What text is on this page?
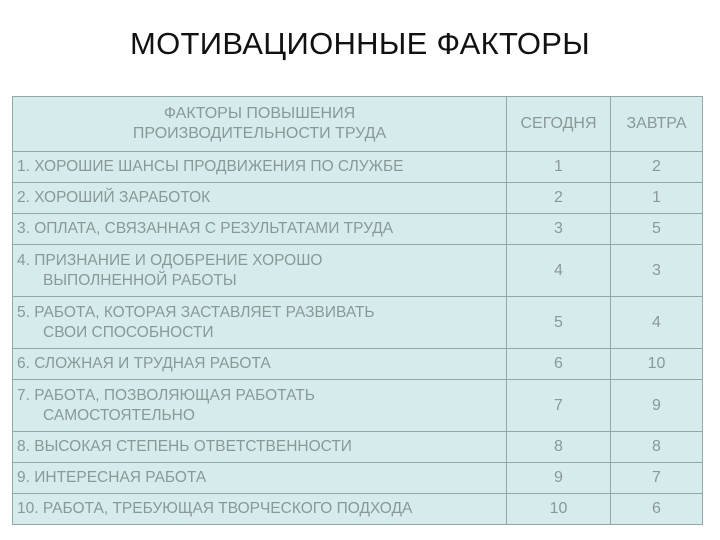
МОТИВАЦИОННЫЕ ФАКТОРЫ
ФАКТОРЫ ПОВЫШЕНИЯ
ПРОИЗВОДИТЕЛЬНОСТИ ТРУДА	СЕГОДНЯ	ЗАВТРА

1. ХОРОШИЕ ШАНСЫ ПРОДВИЖЕНИЯ ПО СЛУЖБЕ	1	2

2. ХОРОШИЙ ЗАРАБОТОК	2	1

3. ОПЛАТА, СВЯЗАННАЯ С РЕЗУЛЬТАТАМИ ТРУДА	3	5

4. ПРИЗНАНИЕ И ОДОБРЕНИЕ ХОРОШО
ВЫПОЛНЕННОЙ РАБОТЫ	4	3

5. РАБОТА, КОТОРАЯ ЗАСТАВЛЯЕТ РАЗВИВАТЬ
СВОИ СПОСОБНОСТИ	5	4

6. СЛОЖНАЯ И ТРУДНАЯ РАБОТА	6	10

7. РАБОТА, ПОЗВОЛЯЮЩАЯ РАБОТАТЬ
САМОСТОЯТЕЛЬНО	7	9

8. ВЫСОКАЯ СТЕПЕНЬ ОТВЕТСТВЕННОСТИ	8	8

9. ИНТЕРЕСНАЯ РАБОТА	9	7

10. РАБОТА, ТРЕБУЮЩАЯ ТВОРЧЕСКОГО ПОДХОДА	10	6
